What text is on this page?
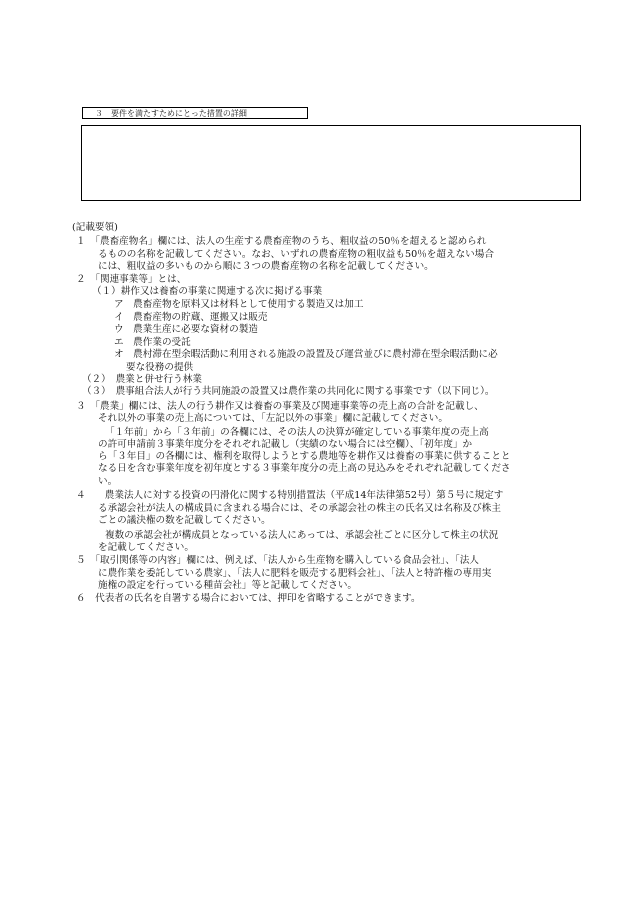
３　要件を満たすためにとった措置の詳細
(記載要領)
１　「農畜産物名」欄には、法人の生産する農畜産物のうち、粗収益の50％を超えると認められ
るものの名称を記載してください。なお、いずれの農畜産物の粗収益も50％を超えない場合
には、粗収益の多いものから順に３つの農畜産物の名称を記載してください。
２　「関連事業等」とは、
（１）耕作又は養畜の事業に関連する次に掲げる事業
ア　農畜産物を原料又は材料として使用する製造又は加工
イ　農畜産物の貯蔵、運搬又は販売
ウ　農業生産に必要な資材の製造
エ　農作業の受託
オ　農村滞在型余暇活動に利用される施設の設置及び運営並びに農村滞在型余暇活動に必
要な役務の提供
（２）　農業と併せ行う林業
（３）　農事組合法人が行う共同施設の設置又は農作業の共同化に関する事業です（以下同じ）。
３　「農業」欄には、法人の行う耕作又は養畜の事業及び関連事業等の売上高の合計を記載し、
それ以外の事業の売上高については、「左記以外の事業」欄に記載してください。
「１年前」から「３年前」の各欄には、その法人の決算が確定している事業年度の売上高
の許可申請前３事業年度分をそれぞれ記載し（実績のない場合には空欄）、「初年度」か
ら「３年目」の各欄には、権利を取得しようとする農地等を耕作又は養畜の事業に供することと
なる日を含む事業年度を初年度とする３事業年度分の売上高の見込みをそれぞれ記載してくださ
い。
４　　農業法人に対する投資の円滑化に関する特別措置法（平成14年法律第52号）第５号に規定す
る承認会社が法人の構成員に含まれる場合には、その承認会社の株主の氏名又は名称及び株主
ごとの議決権の数を記載してください。
複数の承認会社が構成員となっている法人にあっては、承認会社ごとに区分して株主の状況
を記載してください。
５　「取引関係等の内容」欄には、例えば、「法人から生産物を購入している食品会社」、「法人
に農作業を委託している農家」、「法人に肥料を販売する肥料会社」、「法人と特許権の専用実
施権の設定を行っている種苗会社」等と記載してください。
６　代表者の氏名を自署する場合においては、押印を省略することができます。
